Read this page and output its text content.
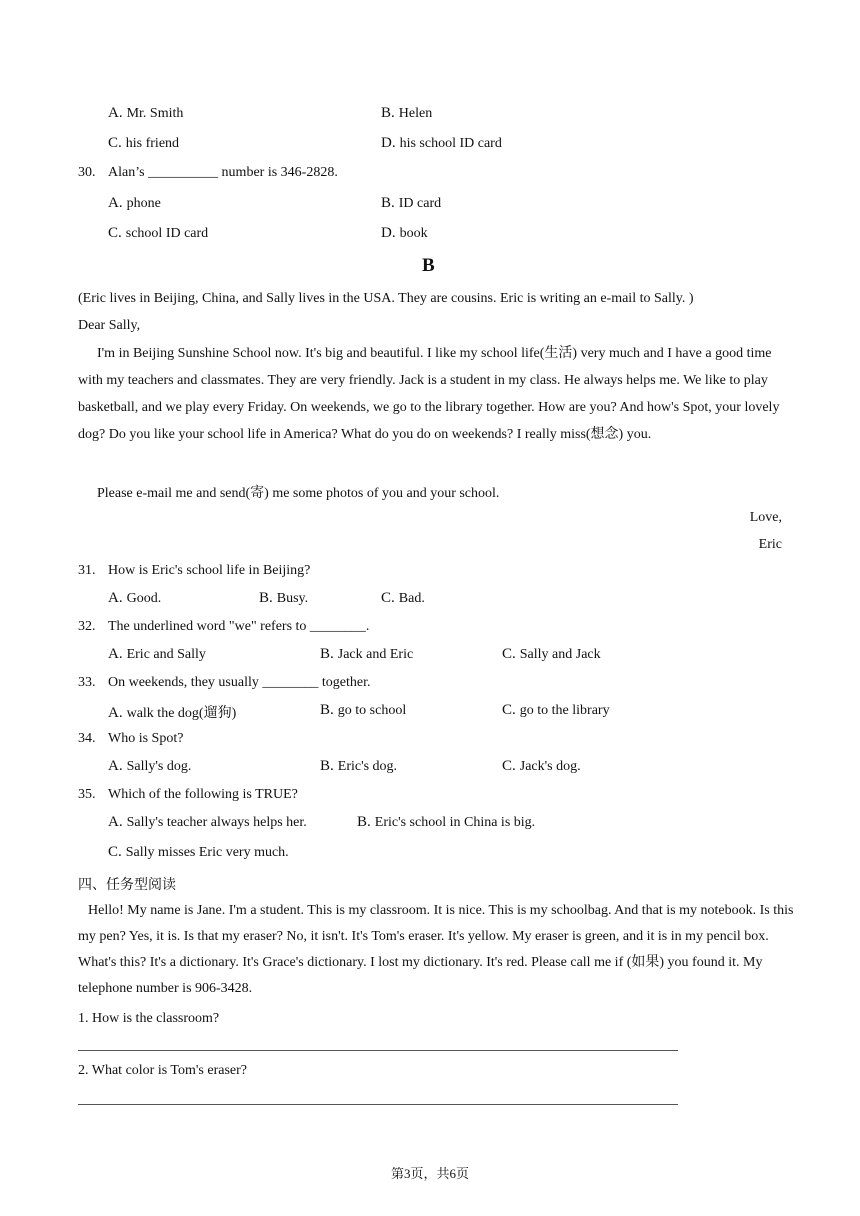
A. Mr. Smith	B. Helen
C. his friend	D. his school ID card
30. Alan’s __________ number is 346-2828.
A. phone	B. ID card
C. school ID card	D. book
B
(Eric lives in Beijing, China, and Sally lives in the USA. They are cousins. Eric is writing an e-mail to Sally. )
Dear Sally,
I'm in Beijing Sunshine School now. It's big and beautiful. I like my school life(生活) very much and I have a good time with my teachers and classmates. They are very friendly. Jack is a student in my class. He always helps me. We like to play basketball, and we play every Friday. On weekends, we go to the library together. How are you? And how's Spot, your lovely dog? Do you like your school life in America? What do you do on weekends? I really miss(想念) you.
Please e-mail me and send(寄) me some photos of you and your school.
Love,
Eric
31. How is Eric's school life in Beijing?
A. Good.	B. Busy.	C. Bad.
32. The underlined word "we" refers to ________.
A. Eric and Sally	B. Jack and Eric	C. Sally and Jack
33. On weekends, they usually ________ together.
A. walk the dog(遛狗)	B. go to school	C. go to the library
34. Who is Spot?
A. Sally's dog.	B. Eric's dog.	C. Jack's dog.
35. Which of the following is TRUE?
A. Sally's teacher always helps her.	B. Eric's school in China is big.
C. Sally misses Eric very much.
四、任务型阅读
Hello! My name is Jane. I'm a student. This is my classroom. It is nice. This is my schoolbag. And that is my notebook. Is this my pen? Yes, it is. Is that my eraser? No, it isn't. It's Tom's eraser. It's yellow. My eraser is green, and it is in my pencil box. What's this? It's a dictionary. It's Grace's dictionary. I lost my dictionary. It's red. Please call me if (如果) you found it. My telephone number is 906-3428.
1. How is the classroom?
2. What color is Tom's eraser?
第3页，共6页
